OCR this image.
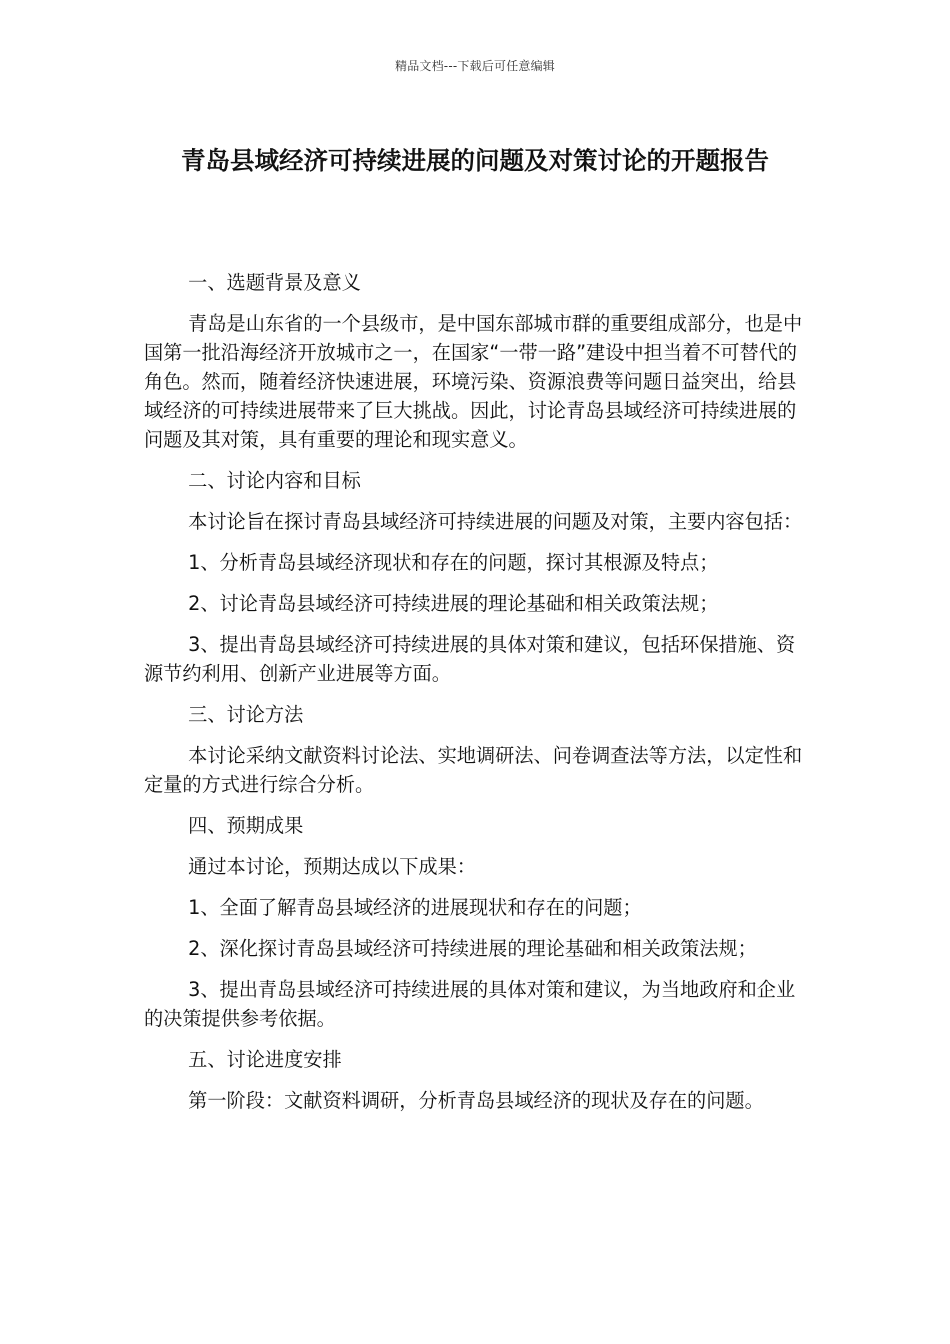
精品文档---下载后可任意编辑
青岛县域经济可持续进展的问题及对策讨论的开题报告

一、选题背景及意义

青岛是山东省的一个县级市，是中国东部城市群的重要组成部分，也是中国第一批沿海经济开放城市之一，在国家“一带一路”建设中担当着不可替代的角色。然而，随着经济快速进展，环境污染、资源浪费等问题日益突出，给县域经济的可持续进展带来了巨大挑战。因此，讨论青岛县域经济可持续进展的问题及其对策，具有重要的理论和现实意义。

二、讨论内容和目标

本讨论旨在探讨青岛县域经济可持续进展的问题及对策，主要内容包括：

1、分析青岛县域经济现状和存在的问题，探讨其根源及特点；

2、讨论青岛县域经济可持续进展的理论基础和相关政策法规；

3、提出青岛县域经济可持续进展的具体对策和建议，包括环保措施、资源节约利用、创新产业进展等方面。

三、讨论方法

本讨论采纳文献资料讨论法、实地调研法、问卷调查法等方法，以定性和定量的方式进行综合分析。

四、预期成果

通过本讨论，预期达成以下成果：

1、全面了解青岛县域经济的进展现状和存在的问题；

2、深化探讨青岛县域经济可持续进展的理论基础和相关政策法规；

3、提出青岛县域经济可持续进展的具体对策和建议，为当地政府和企业的决策提供参考依据。

五、讨论进度安排

第一阶段：文献资料调研，分析青岛县域经济的现状及存在的问题。
